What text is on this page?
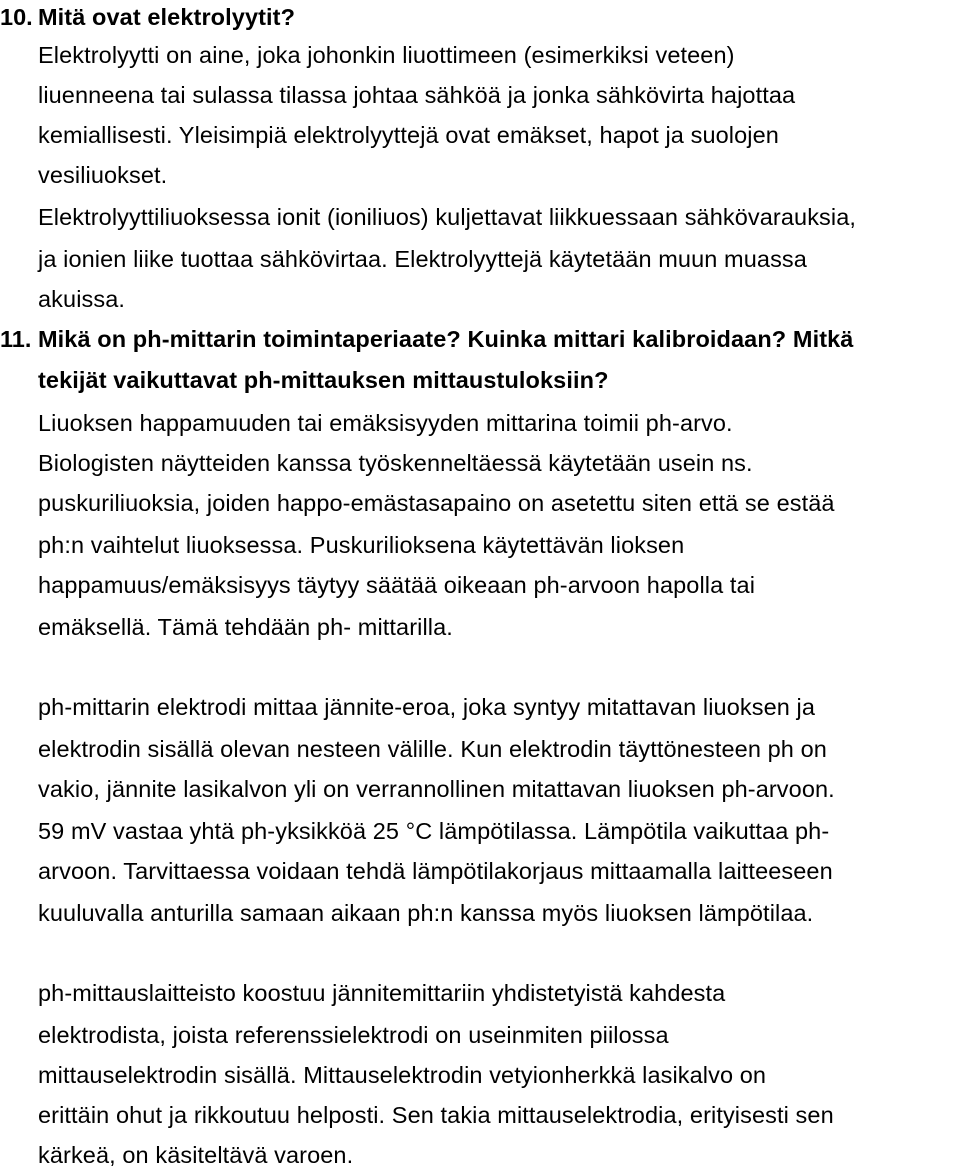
10. Mitä ovat elektrolyytit?
Elektrolyytti on aine, joka johonkin liuottimeen (esimerkiksi veteen)
liuenneena tai sulassa tilassa johtaa sähköä ja jonka sähkövirta hajottaa
kemiallisesti. Yleisimpiä elektrolyyttejä ovat emäkset, hapot ja suolojen
vesiliuokset.
Elektrolyyttiliuoksessa ionit (ioniliuos) kuljettavat liikkuessaan sähkövarauksia,
ja ionien liike tuottaa sähkövirtaa. Elektrolyyttejä käytetään muun muassa
akuissa.
11. Mikä on ph-mittarin toimintaperiaate? Kuinka mittari kalibroidaan? Mitkä
tekijät vaikuttavat ph-mittauksen mittaustuloksiin?
Liuoksen happamuuden tai emäksisyyden mittarina toimii ph-arvo.
Biologisten näytteiden kanssa työskenneltäessä käytetään usein ns.
puskuriliuoksia, joiden happo-emästasapaino on asetettu siten että se estää
ph:n vaihtelut liuoksessa. Puskurilioksena käytettävän lioksen
happamuus/emäksisyys täytyy säätää oikeaan ph-arvoon hapolla tai
emäksellä. Tämä tehdään ph- mittarilla.
ph-mittarin elektrodi mittaa jännite-eroa, joka syntyy mitattavan liuoksen ja
elektrodin sisällä olevan nesteen välille. Kun elektrodin täyttönesteen ph on
vakio, jännite lasikalvon yli on verrannollinen mitattavan liuoksen ph-arvoon.
59 mV vastaa yhtä ph-yksikköä 25 °C lämpötilassa. Lämpötila vaikuttaa ph-
arvoon. Tarvittaessa voidaan tehdä lämpötilakorjaus mittaamalla laitteeseen
kuuluvalla anturilla samaan aikaan ph:n kanssa myös liuoksen lämpötilaa.
ph-mittauslaitteisto koostuu jännitemittariin yhdistetyistä kahdesta
elektrodista, joista referenssielektrodi on useinmiten piilossa
mittauselektrodin sisällä. Mittauselektrodin vetyionherkkä lasikalvo on
erittäin ohut ja rikkoutuu helposti. Sen takia mittauselektrodia, erityisesti sen
kärkeä, on käsiteltävä varoen.
